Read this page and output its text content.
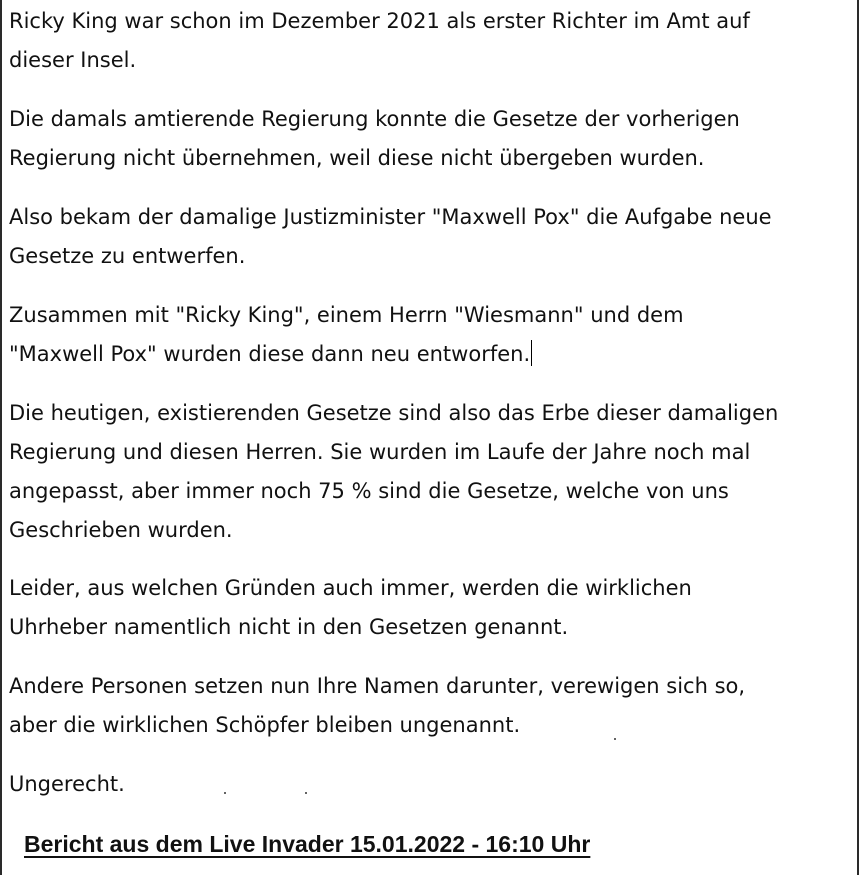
Ricky King war schon im Dezember 2021 als erster Richter im Amt auf
dieser Insel.

Die damals amtierende Regierung konnte die Gesetze der vorherigen
Regierung nicht übernehmen, weil diese nicht übergeben wurden.

Also bekam der damalige Justizminister "Maxwell Pox" die Aufgabe neue
Gesetze zu entwerfen.

Zusammen mit "Ricky King", einem Herrn "Wiesmann" und dem
"Maxwell Pox" wurden diese dann neu entworfen.

Die heutigen, existierenden Gesetze sind also das Erbe dieser damaligen
Regierung und diesen Herren. Sie wurden im Laufe der Jahre noch mal
angepasst, aber immer noch 75 % sind die Gesetze, welche von uns
Geschrieben wurden.

Leider, aus welchen Gründen auch immer, werden die wirklichen
Uhrheber namentlich nicht in den Gesetzen genannt.

Andere Personen setzen nun Ihre Namen darunter, verewigen sich so,
aber die wirklichen Schöpfer bleiben ungenannt.

Ungerecht.

Bericht aus dem Live Invader 15.01.2022 - 16:10 Uhr
